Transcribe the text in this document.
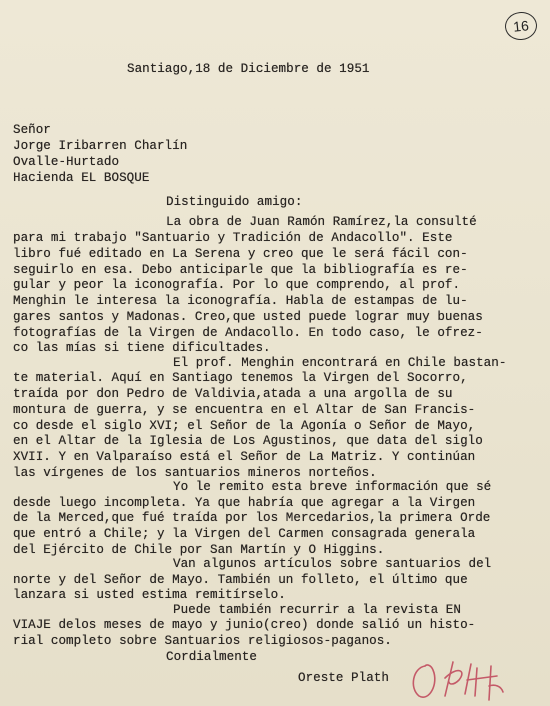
16
Santiago,18 de Diciembre de 1951
Señor
Jorge Iribarren Charlín
Ovalle-Hurtado
Hacienda EL BOSQUE
Distinguido amigo:
La obra de Juan Ramón Ramírez,la consulté
para mi trabajo "Santuario y Tradición de Andacollo". Este
libro fué editado en La Serena y creo que le será fácil con-
seguirlo en esa. Debo anticiparle que la bibliografía es re-
gular y peor la iconografía. Por lo que comprendo, al prof.
Menghin le interesa la iconografía. Habla de estampas de lu-
gares santos y Madonas. Creo,que usted puede lograr muy buenas
fotografías de la Virgen de Andacollo. En todo caso, le ofrez-
co las mías si tiene dificultades.
El prof. Menghin encontrará en Chile bastan-
te material. Aquí en Santiago tenemos la Virgen del Socorro,
traída por don Pedro de Valdivia,atada a una argolla de su
montura de guerra, y se encuentra en el Altar de San Francis-
co desde el siglo XVI; el Señor de la Agonía o Señor de Mayo,
en el Altar de la Iglesia de Los Agustinos, que data del siglo
XVII. Y en Valparaíso está el Señor de La Matriz. Y continúan
las vírgenes de los santuarios mineros norteños.
Yo le remito esta breve información que sé
desde luego incompleta. Ya que habría que agregar a la Virgen
de la Merced,que fué traída por los Mercedarios,la primera Orde
que entró a Chile; y la Virgen del Carmen consagrada generala
del Ejército de Chile por San Martín y O Higgins.
Van algunos artículos sobre santuarios del
norte y del Señor de Mayo. También un folleto, el último que
lanzara si usted estima remitírselo.
Puede también recurrir a la revista EN
VIAJE delos meses de mayo y junio(creo) donde salió un histo-
rial completo sobre Santuarios religiosos-paganos.
Cordialmente
Oreste Plath
